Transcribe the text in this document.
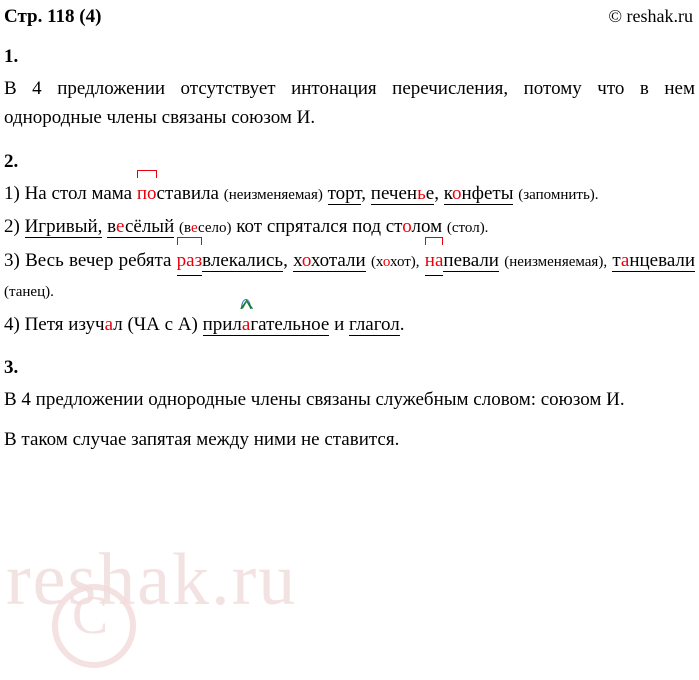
reshak.ru
C
Стр. 118 (4)	© reshak.ru
1.
В 4 предложении отсутствует интонация перечисления, потому что в нем однородные члены связаны союзом И.
2.
1) На стол мама поставила (неизменяемая) торт, печенье, конфеты (запомнить).
2) Игривый, весёлый (весело) кот спрятался под столом (стол).
3) Весь вечер ребята развлекались, хохотали (хохот), напевали (неизменяемая), танцевали (танец).
4) Петя изучал (ЧА с А) прилагательное и глагол.
3.
В 4 предложении однородные члены связаны служебным словом: союзом И.
В таком случае запятая между ними не ставится.
